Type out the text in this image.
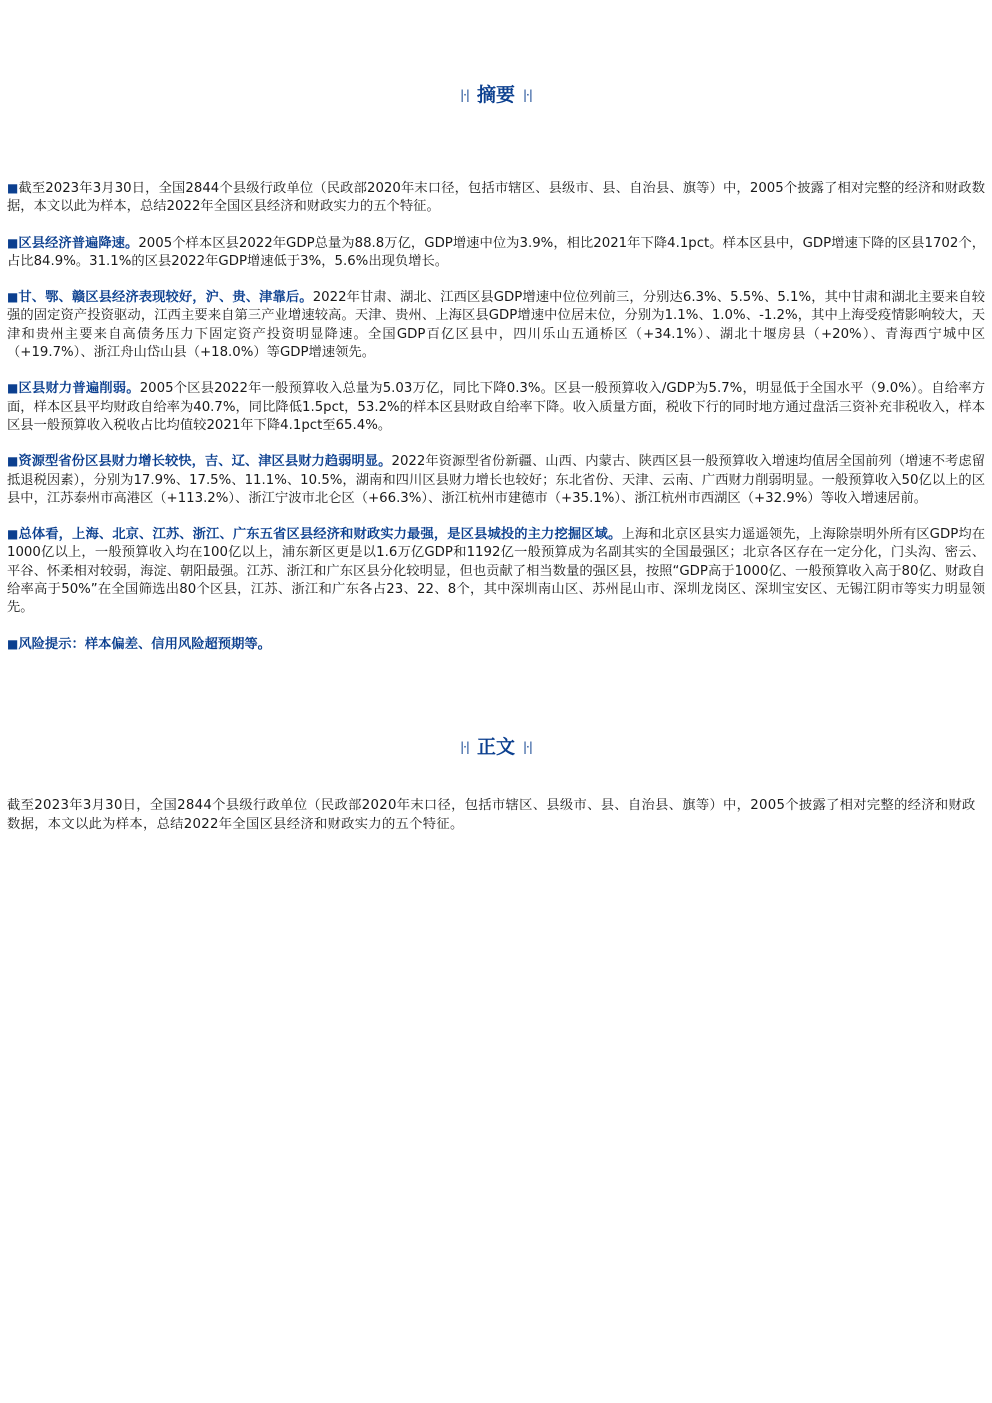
|·| 摘要 |·|

■截至2023年3月30日，全国2844个县级行政单位（民政部2020年末口径，包括市辖区、县级市、县、自治县、旗等）中，2005个披露了相对完整的经济和财政数据，本文以此为样本，总结2022年全国区县经济和财政实力的五个特征。

■区县经济普遍降速。2005个样本区县2022年GDP总量为88.8万亿，GDP增速中位为3.9%，相比2021年下降4.1pct。样本区县中，GDP增速下降的区县1702个，占比84.9%。31.1%的区县2022年GDP增速低于3%，5.6%出现负增长。

■甘、鄂、赣区县经济表现较好，沪、贵、津靠后。2022年甘肃、湖北、江西区县GDP增速中位位列前三，分别达6.3%、5.5%、5.1%，其中甘肃和湖北主要来自较强的固定资产投资驱动，江西主要来自第三产业增速较高。天津、贵州、上海区县GDP增速中位居末位，分别为1.1%、1.0%、-1.2%，其中上海受疫情影响较大，天津和贵州主要来自高债务压力下固定资产投资明显降速。全国GDP百亿区县中，四川乐山五通桥区（+34.1%）、湖北十堰房县（+20%）、青海西宁城中区（+19.7%）、浙江舟山岱山县（+18.0%）等GDP增速领先。

■区县财力普遍削弱。2005个区县2022年一般预算收入总量为5.03万亿，同比下降0.3%。区县一般预算收入/GDP为5.7%，明显低于全国水平（9.0%）。自给率方面，样本区县平均财政自给率为40.7%，同比降低1.5pct，53.2%的样本区县财政自给率下降。收入质量方面，税收下行的同时地方通过盘活三资补充非税收入，样本区县一般预算收入税收占比均值较2021年下降4.1pct至65.4%。

■资源型省份区县财力增长较快，吉、辽、津区县财力趋弱明显。2022年资源型省份新疆、山西、内蒙古、陕西区县一般预算收入增速均值居全国前列（增速不考虑留抵退税因素），分别为17.9%、17.5%、11.1%、10.5%，湖南和四川区县财力增长也较好；东北省份、天津、云南、广西财力削弱明显。一般预算收入50亿以上的区县中，江苏泰州市高港区（+113.2%）、浙江宁波市北仑区（+66.3%）、浙江杭州市建德市（+35.1%）、浙江杭州市西湖区（+32.9%）等收入增速居前。

■总体看，上海、北京、江苏、浙江、广东五省区县经济和财政实力最强，是区县城投的主力挖掘区域。上海和北京区县实力遥遥领先，上海除崇明外所有区GDP均在1000亿以上，一般预算收入均在100亿以上，浦东新区更是以1.6万亿GDP和1192亿一般预算成为名副其实的全国最强区；北京各区存在一定分化，门头沟、密云、平谷、怀柔相对较弱，海淀、朝阳最强。江苏、浙江和广东区县分化较明显，但也贡献了相当数量的强区县，按照“GDP高于1000亿、一般预算收入高于80亿、财政自给率高于50%”在全国筛选出80个区县，江苏、浙江和广东各占23、22、8个，其中深圳南山区、苏州昆山市、深圳龙岗区、深圳宝安区、无锡江阴市等实力明显领先。

■风险提示：样本偏差、信用风险超预期等。

|·| 正文 |·|
截至2023年3月30日，全国2844个县级行政单位（民政部2020年末口径，包括市辖区、县级市、县、自治县、旗等）中，2005个披露了相对完整的经济和财政数据，本文以此为样本，总结2022年全国区县经济和财政实力的五个特征。
